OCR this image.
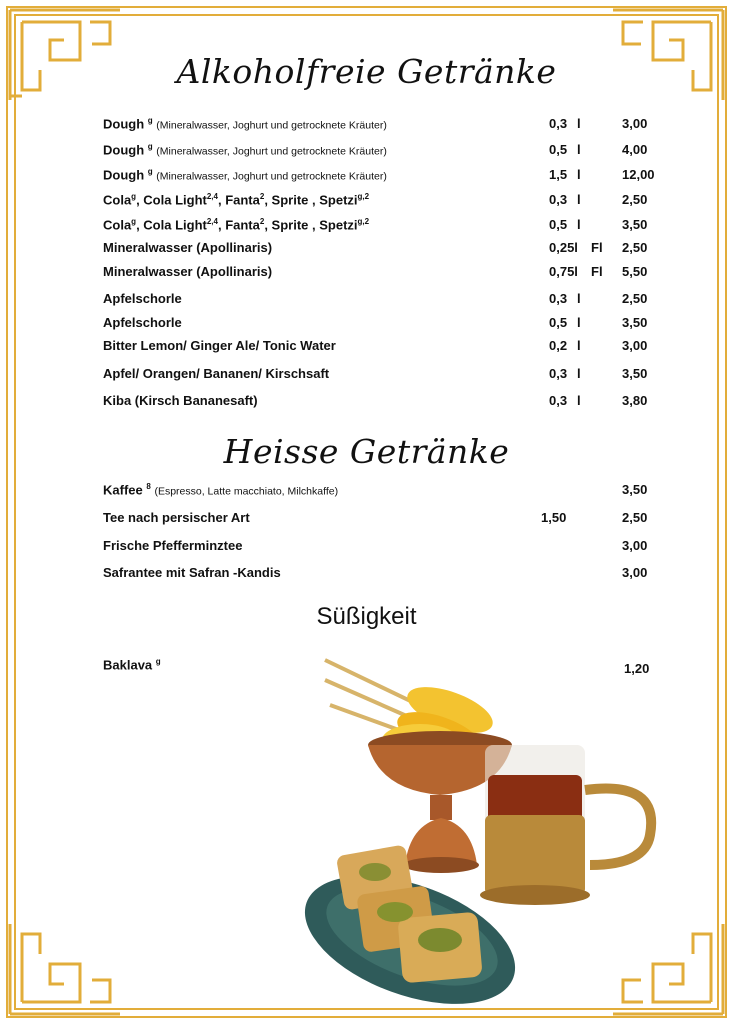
Alkoholfreie Getränke
Dough $^g$ (Mineralwasser, Joghurt und getrocknete Kräuter)	0,3 l	3,00
Dough $^g$ (Mineralwasser, Joghurt und getrocknete Kräuter)	0,5 l	4,00
Dough $^g$ (Mineralwasser, Joghurt und getrocknete Kräuter)	1,5 l	12,00
Cola$^g$, Cola Light$^{2,4}$, Fanta$^2$, Sprite , Spetzi$^{g,2}$	0,3 l	2,50
Cola$^g$, Cola Light$^{2,4}$, Fanta$^2$, Sprite , Spetzi$^{g,2}$	0,5 l	3,50
Mineralwasser (Apollinaris)	0,25l Fl 2,50
Mineralwasser (Apollinaris)	0,75l Fl 5,50
Apfelschorle	0,3 l	2,50
Apfelschorle	0,5 l	3,50
Bitter Lemon/ Ginger Ale/ Tonic Water	0,2 l	3,00
Apfel/ Orangen/ Bananen/ Kirschsaft	0,3 l	3,50
Kiba (Kirsch Bananesaft)	0,3 l	3,80
Heisse Getränke
Kaffee $^8$ (Espresso, Latte macchiato, Milchkaffe)	3,50
Tee nach persischer Art	1,50	2,50
Frische Pfefferminztee	3,00
Safrantee mit Safran -Kandis	3,00
Süßigkeit
Baklava $^g$	1,20
